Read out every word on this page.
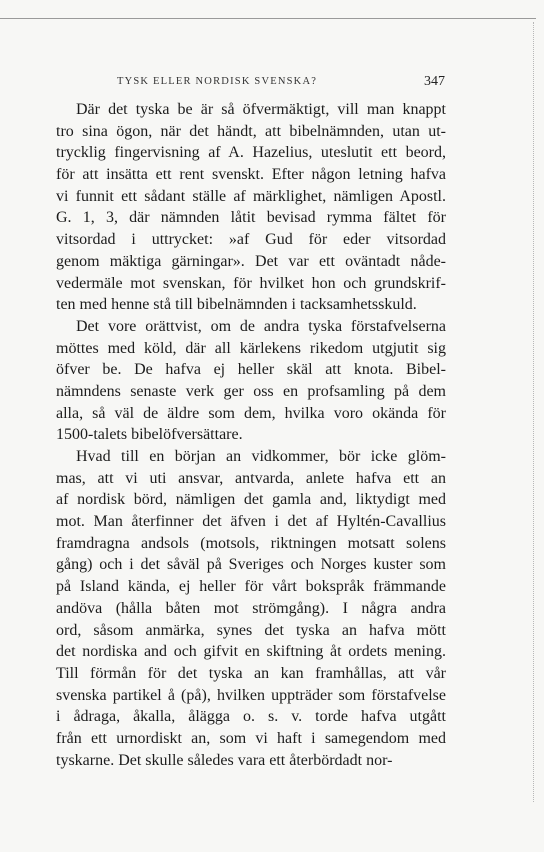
TYSK ELLER NORDISK SVENSKA?	347
Där det tyska be är så öfvermäktigt, vill man knappt
tro sina ögon, när det händt, att bibelnämnden, utan ut-
trycklig fingervisning af A. Hazelius, uteslutit ett beord,
för att insätta ett rent svenskt. Efter någon letning hafva
vi funnit ett sådant ställe af märklighet, nämligen Apostl.
G. 1, 3, där nämnden låtit bevisad rymma fältet för
vitsordad i uttrycket: »af Gud för eder vitsordad
genom mäktiga gärningar». Det var ett oväntadt nåde-
vedermäle mot svenskan, för hvilket hon och grundskrif-
ten med henne stå till bibelnämnden i tacksamhetsskuld.
Det vore orättvist, om de andra tyska förstafvelserna
möttes med köld, där all kärlekens rikedom utgjutit sig
öfver be. De hafva ej heller skäl att knota. Bibel-
nämndens senaste verk ger oss en profsamling på dem
alla, så väl de äldre som dem, hvilka voro okända för
1500-talets bibelöfversättare.
Hvad till en början an vidkommer, bör icke glöm-
mas, att vi uti ansvar, antvarda, anlete hafva ett an
af nordisk börd, nämligen det gamla and, liktydigt med
mot. Man återfinner det äfven i det af Hyltén-Cavallius
framdragna andsols (motsols, riktningen motsatt solens
gång) och i det såväl på Sveriges och Norges kuster som
på Island kända, ej heller för vårt bokspråk främmande
andöva (hålla båten mot strömgång). I några andra
ord, såsom anmärka, synes det tyska an hafva mött
det nordiska and och gifvit en skiftning åt ordets mening.
Till förmån för det tyska an kan framhållas, att vår
svenska partikel å (på), hvilken uppträder som förstafvelse
i ådraga, åkalla, ålägga o. s. v. torde hafva utgått
från ett urnordiskt an, som vi haft i samegendom med
tyskarne. Det skulle således vara ett återbördadt nor-
